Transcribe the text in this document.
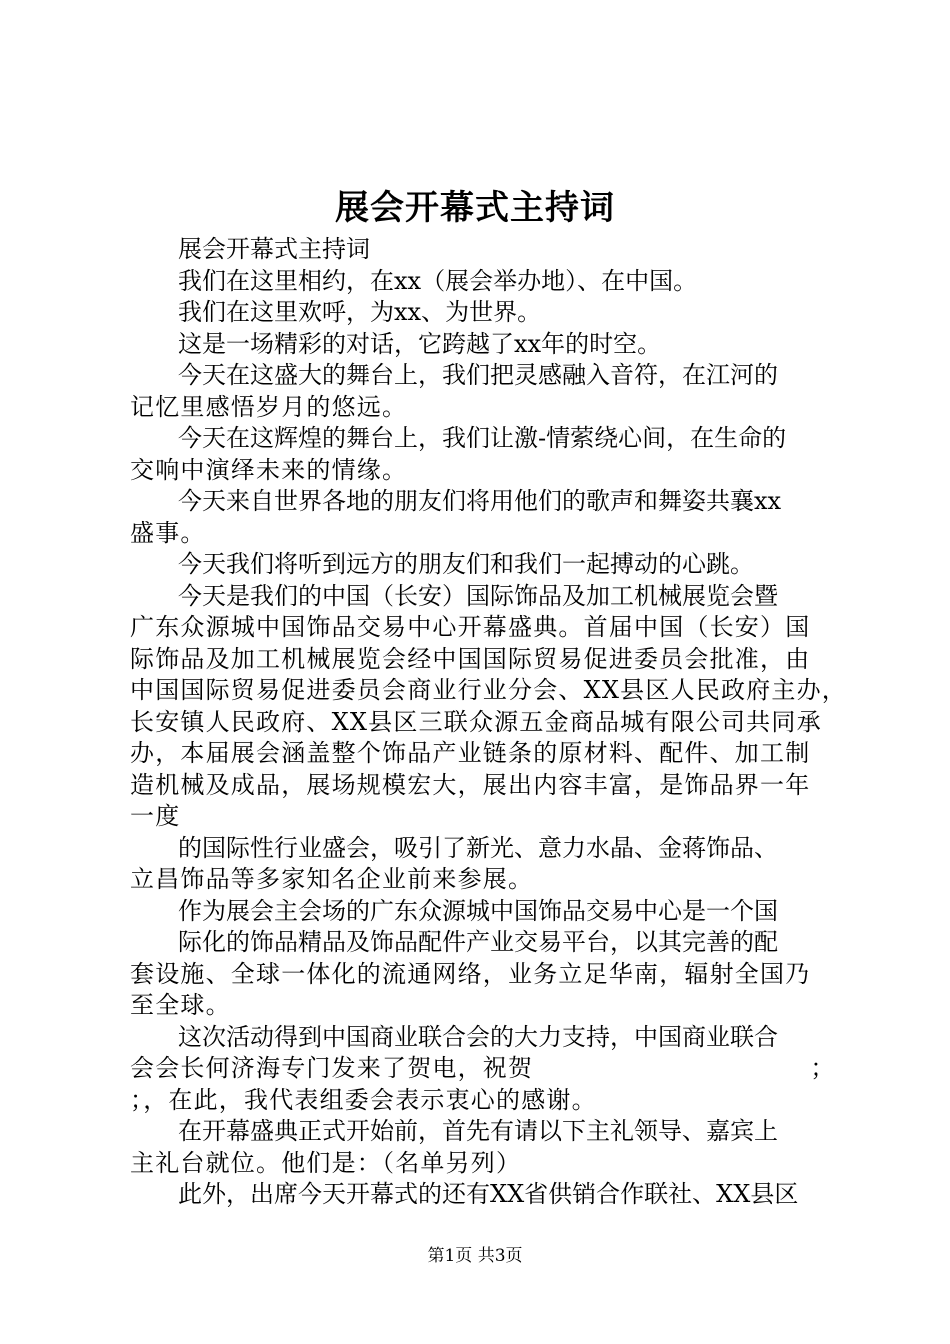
展会开幕式主持词
展会开幕式主持词
我们在这里相约，在xx（展会举办地）、在中国。
我们在这里欢呼，为xx、为世界。
这是一场精彩的对话，它跨越了xx年的时空。
今天在这盛大的舞台上，我们把灵感融入音符，在江河的
记忆里感悟岁月的悠远。
今天在这辉煌的舞台上，我们让激-情萦绕心间，在生命的
交响中演绎未来的情缘。
今天来自世界各地的朋友们将用他们的歌声和舞姿共襄xx
盛事。
今天我们将听到远方的朋友们和我们一起搏动的心跳。
今天是我们的中国（长安）国际饰品及加工机械展览会暨
广东众源城中国饰品交易中心开幕盛典。首届中国（长安）国
际饰品及加工机械展览会经中国国际贸易促进委员会批准，由
中国国际贸易促进委员会商业行业分会、XX县区人民政府主办，
长安镇人民政府、XX县区三联众源五金商品城有限公司共同承
办，本届展会涵盖整个饰品产业链条的原材料、配件、加工制
造机械及成品，展场规模宏大，展出内容丰富，是饰品界一年
一度
的国际性行业盛会，吸引了新光、意力水晶、金蒋饰品、
立昌饰品等多家知名企业前来参展。
作为展会主会场的广东众源城中国饰品交易中心是一个国
际化的饰品精品及饰品配件产业交易平台，以其完善的配
套设施、全球一体化的流通网络，业务立足华南，辐射全国乃
至全球。
这次活动得到中国商业联合会的大力支持，中国商业联合
会会长何济海专门发来了贺电，祝贺　　　　　　　　　　　；
；，在此，我代表组委会表示衷心的感谢。
在开幕盛典正式开始前，首先有请以下主礼领导、嘉宾上
主礼台就位。他们是：（名单另列）
此外，出席今天开幕式的还有XX省供销合作联社、XX县区
第1页 共3页
